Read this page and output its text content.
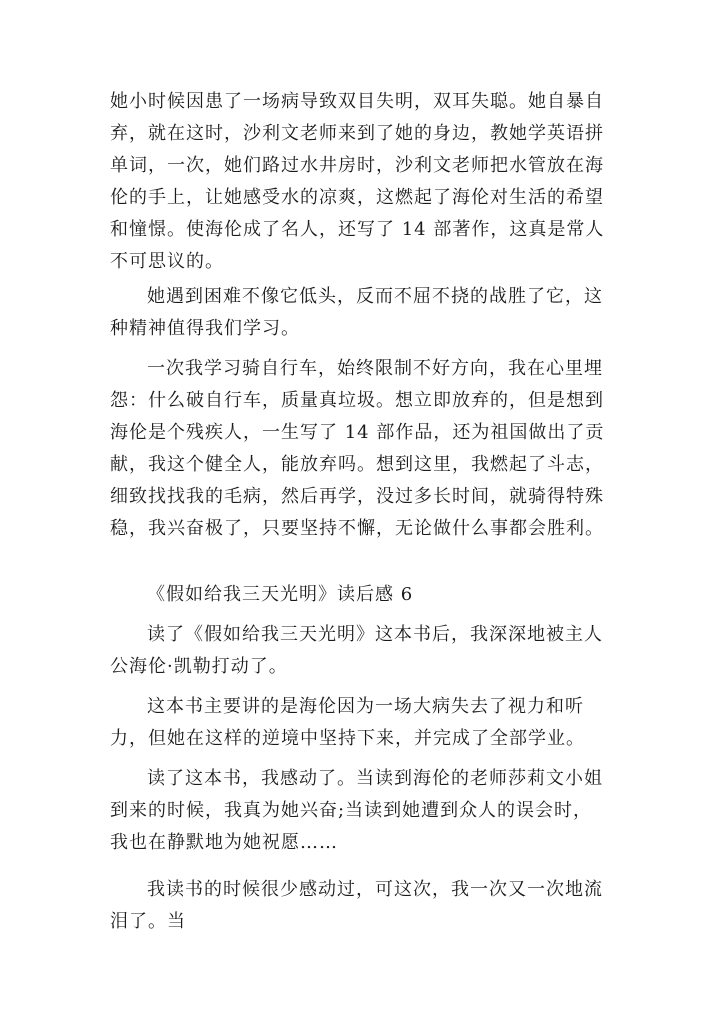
她小时候因患了一场病导致双目失明，双耳失聪。她自暴自弃，就在这时，沙利文老师来到了她的身边，教她学英语拼单词，一次，她们路过水井房时，沙利文老师把水管放在海伦的手上，让她感受水的凉爽，这燃起了海伦对生活的希望和憧憬。使海伦成了名人，还写了 14 部著作，这真是常人不可思议的。

她遇到困难不像它低头，反而不屈不挠的战胜了它，这种精神值得我们学习。

一次我学习骑自行车，始终限制不好方向，我在心里埋怨：什么破自行车，质量真垃圾。想立即放弃的，但是想到海伦是个残疾人，一生写了 14 部作品，还为祖国做出了贡献，我这个健全人，能放弃吗。想到这里，我燃起了斗志，细致找找我的毛病，然后再学，没过多长时间，就骑得特殊稳，我兴奋极了，只要坚持不懈，无论做什么事都会胜利。

《假如给我三天光明》读后感 6

读了《假如给我三天光明》这本书后，我深深地被主人公海伦·凯勒打动了。

这本书主要讲的是海伦因为一场大病失去了视力和听力，但她在这样的逆境中坚持下来，并完成了全部学业。

读了这本书，我感动了。当读到海伦的老师莎莉文小姐到来的时候，我真为她兴奋;当读到她遭到众人的误会时，我也在静默地为她祝愿……

我读书的时候很少感动过，可这次，我一次又一次地流泪了。当
